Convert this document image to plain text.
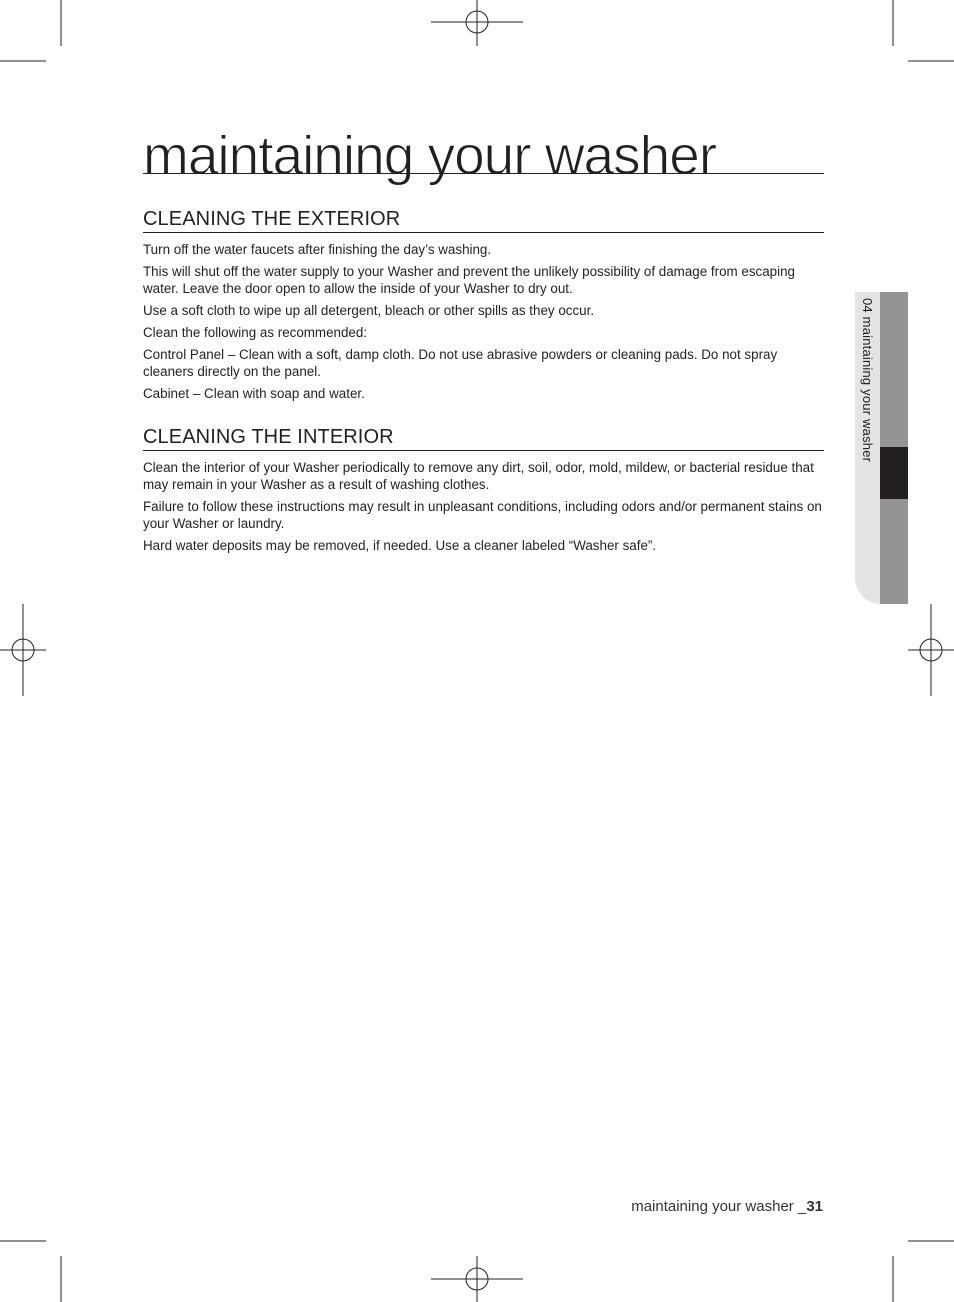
maintaining your washer
CLEANING THE EXTERIOR

Turn off the water faucets after finishing the day’s washing.

This will shut off the water supply to your Washer and prevent the unlikely possibility of damage from escaping water. Leave the door open to allow the inside of your Washer to dry out.

Use a soft cloth to wipe up all detergent, bleach or other spills as they occur.

Clean the following as recommended:

Control Panel – Clean with a soft, damp cloth. Do not use abrasive powders or cleaning pads. Do not spray cleaners directly on the panel.

Cabinet – Clean with soap and water.

CLEANING THE INTERIOR

Clean the interior of your Washer periodically to remove any dirt, soil, odor, mold, mildew, or bacterial residue that may remain in your Washer as a result of washing clothes.

Failure to follow these instructions may result in unpleasant conditions, including odors and/or permanent stains on your Washer or laundry.

Hard water deposits may be removed, if needed. Use a cleaner labeled “Washer safe”.

04 maintaining your washer
maintaining your washer _31
